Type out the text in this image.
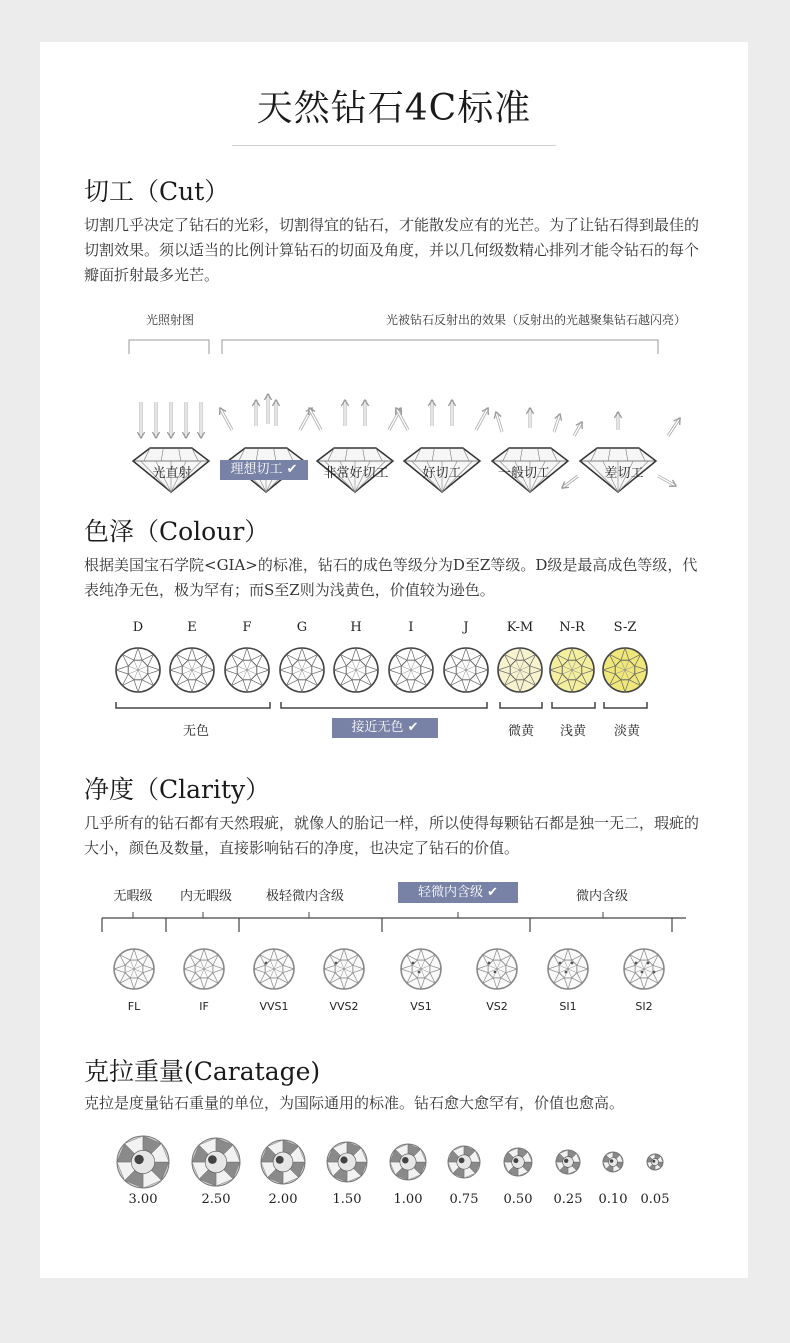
天然钻石4C标准
切工（Cut）
切割几乎决定了钻石的光彩，切割得宜的钻石，才能散发应有的光芒。为了让钻石得到最佳的切割效果。须以适当的比例计算钻石的切面及角度，并以几何级数精心排列才能令钻石的每个瓣面折射最多光芒。
光照射图	光被钻石反射出的效果（反射出的光越聚集钻石越闪亮）
光直射	理想切工 ✔	非常好切工	好切工	一般切工	差切工
色泽（Colour）
根据美国宝石学院<GIA>的标准，钻石的成色等级分为D至Z等级。D级是最高成色等级，代表纯净无色，极为罕有；而S至Z则为浅黄色，价值较为逊色。
D	E	F	G	H	I	J	K-M	N-R	S-Z
无色	接近无色 ✔	微黄	浅黄	淡黄
净度（Clarity）
几乎所有的钻石都有天然瑕疵，就像人的胎记一样，所以使得每颗钻石都是独一无二，瑕疵的大小，颜色及数量，直接影响钻石的净度，也决定了钻石的价值。
无暇级	内无暇级	极轻微内含级	轻微内含级 ✔	微内含级
FL	IF	VVS1	VVS2	VS1	VS2	SI1	SI2
克拉重量(Caratage)
克拉是度量钻石重量的单位，为国际通用的标准。钻石愈大愈罕有，价值也愈高。
3.00	2.50	2.00	1.50	1.00	0.75	0.50	0.25	0.10	0.05
